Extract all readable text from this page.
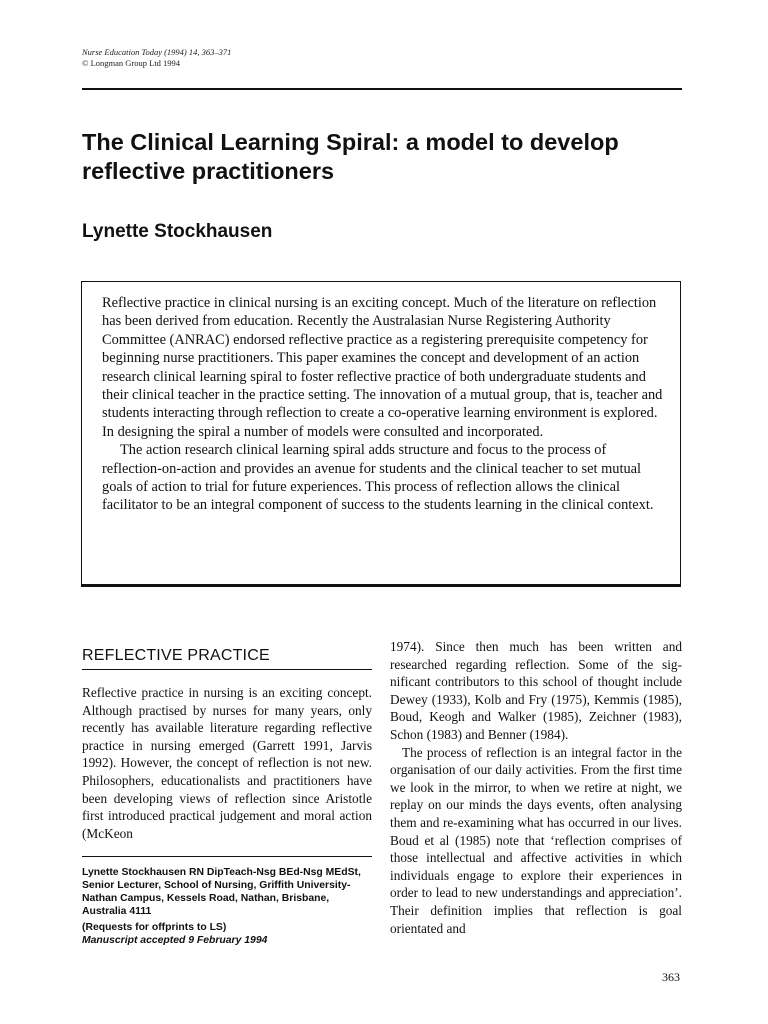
Nurse Education Today (1994) 14, 363–371
© Longman Group Ltd 1994
The Clinical Learning Spiral: a model to develop reflective practitioners
Lynette Stockhausen

Reflective practice in clinical nursing is an exciting concept. Much of the literature on reflection has been derived from education. Recently the Australasian Nurse Registering Authority Committee (ANRAC) endorsed reflective practice as a registering prerequisite competency for beginning nurse practitioners. This paper examines the concept and development of an action research clinical learning spiral to foster reflective practice of both undergraduate students and their clinical teacher in the practice setting. The innovation of a mutual group, that is, teacher and students interacting through reflection to create a co-operative learning environment is explored. In designing the spiral a number of models were consulted and incorporated.

The action research clinical learning spiral adds structure and focus to the process of reflection-on-action and provides an avenue for students and the clinical teacher to set mutual goals of action to trial for future experiences. This process of reflection allows the clinical facilitator to be an integral component of success to the students learning in the clinical context.

REFLECTIVE PRACTICE

Reflective practice in nursing is an exciting concept. Although practised by nurses for many years, only recently has available literature regarding reflective practice in nursing emerged (Garrett 1991, Jarvis 1992). However, the concept of reflection is not new. Philosophers, educationalists and practitioners have been developing views of reflection since Aristotle first introduced practical judgement and moral action (McKeon

Lynette Stockhausen RN DipTeach-Nsg BEd-Nsg MEdSt, Senior Lecturer, School of Nursing, Griffith University-Nathan Campus, Kessels Road, Nathan, Brisbane, Australia 4111

(Requests for offprints to LS)

Manuscript accepted 9 February 1994

1974). Since then much has been written and researched regarding reflection. Some of the significant contributors to this school of thought include Dewey (1933), Kolb and Fry (1975), Kemmis (1985), Boud, Keogh and Walker (1985), Zeichner (1983), Schon (1983) and Benner (1984).

The process of reflection is an integral factor in the organisation of our daily activities. From the first time we look in the mirror, to when we retire at night, we replay on our minds the days events, often analysing them and re-examining what has occurred in our lives. Boud et al (1985) note that ‘reflection comprises of those intellectual and affective activities in which individuals engage to explore their experiences in order to lead to new understandings and appreciation’. Their definition implies that reflection is goal orientated and

363
